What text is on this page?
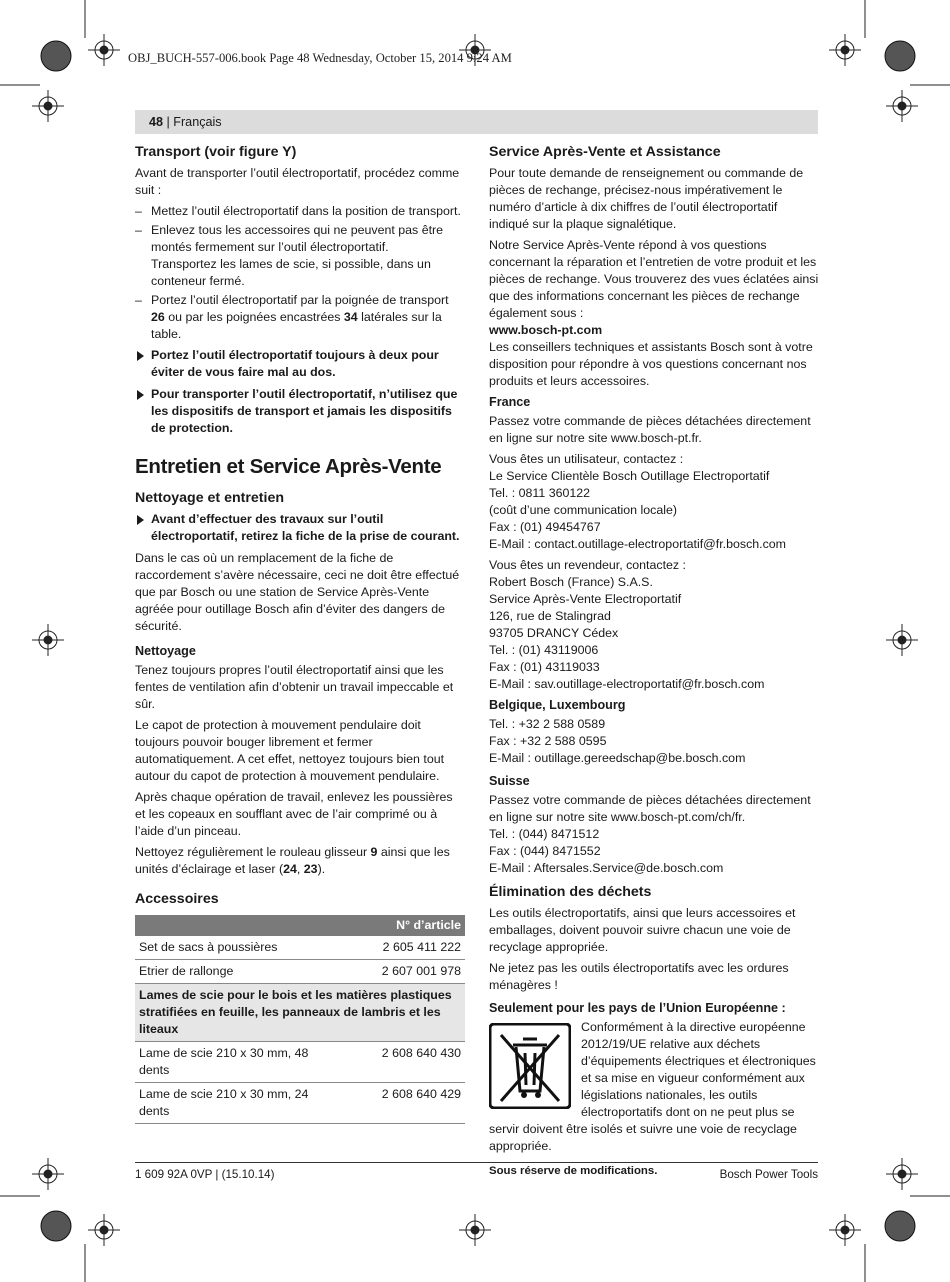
OBJ_BUCH-557-006.book Page 48 Wednesday, October 15, 2014 9:24 AM
48 | Français
Transport (voir figure Y)

Avant de transporter l’outil électroportatif, procédez comme suit :

– Mettez l’outil électroportatif dans la position de transport.
– Enlevez tous les accessoires qui ne peuvent pas être montés fermement sur l’outil électroportatif.
Transportez les lames de scie, si possible, dans un conteneur fermé.
– Portez l’outil électroportatif par la poignée de transport 26 ou par les poignées encastrées 34 latérales sur la table.
Portez l’outil électroportatif toujours à deux pour éviter de vous faire mal au dos.
Pour transporter l’outil électroportatif, n’utilisez que les dispositifs de transport et jamais les dispositifs de protection.
Entretien et Service Après-Vente
Nettoyage et entretien
Avant d’effectuer des travaux sur l’outil électroportatif, retirez la fiche de la prise de courant.

Dans le cas où un remplacement de la fiche de raccordement s’avère nécessaire, ceci ne doit être effectué que par Bosch ou une station de Service Après-Vente agréée pour outillage Bosch afin d’éviter des dangers de sécurité.

Nettoyage

Tenez toujours propres l’outil électroportatif ainsi que les fentes de ventilation afin d’obtenir un travail impeccable et sûr.

Le capot de protection à mouvement pendulaire doit toujours pouvoir bouger librement et fermer automatiquement. A cet effet, nettoyez toujours bien tout autour du capot de protection à mouvement pendulaire.

Après chaque opération de travail, enlevez les poussières et les copeaux en soufflant avec de l’air comprimé ou à l’aide d’un pinceau.

Nettoyez régulièrement le rouleau glisseur 9 ainsi que les unités d’éclairage et laser (24, 23).

Accessoires
N° d’article	
Set de sacs à poussières	2 605 411 222
Etrier de rallonge	2 607 001 978
Lames de scie pour le bois et les matières plastiques stratifiées en feuille, les panneaux de lambris et les liteaux	
Lame de scie 210 x 30 mm, 48 dents	2 608 640 430
Lame de scie 210 x 30 mm, 24 dents	2 608 640 429
Service Après-Vente et Assistance

Pour toute demande de renseignement ou commande de pièces de rechange, précisez-nous impérativement le numéro d’article à dix chiffres de l’outil électroportatif indiqué sur la plaque signalétique.

Notre Service Après-Vente répond à vos questions concernant la réparation et l’entretien de votre produit et les pièces de rechange. Vous trouverez des vues éclatées ainsi que des informations concernant les pièces de rechange également sous :

www.bosch-pt.com

Les conseillers techniques et assistants Bosch sont à votre disposition pour répondre à vos questions concernant nos produits et leurs accessoires.

France

Passez votre commande de pièces détachées directement en ligne sur notre site www.bosch-pt.fr.

Vous êtes un utilisateur, contactez :
Le Service Clientèle Bosch Outillage Electroportatif
Tel. : 0811 360122
(coût d’une communication locale)
Fax : (01) 49454767
E-Mail : contact.outillage-electroportatif@fr.bosch.com

Vous êtes un revendeur, contactez :
Robert Bosch (France) S.A.S.
Service Après-Vente Electroportatif
126, rue de Stalingrad
93705 DRANCY Cédex
Tel. : (01) 43119006
Fax : (01) 43119033
E-Mail : sav.outillage-electroportatif@fr.bosch.com

Belgique, Luxembourg

Tel. : +32 2 588 0589
Fax : +32 2 588 0595
E-Mail : outillage.gereedschap@be.bosch.com

Suisse

Passez votre commande de pièces détachées directement en ligne sur notre site www.bosch-pt.com/ch/fr.
Tel. : (044) 8471512
Fax : (044) 8471552
E-Mail : Aftersales.Service@de.bosch.com

Élimination des déchets

Les outils électroportatifs, ainsi que leurs accessoires et emballages, doivent pouvoir suivre chacun une voie de recyclage appropriée.

Ne jetez pas les outils électroportatifs avec les ordures ménagères !

Seulement pour les pays de l’Union Européenne :

Conformément à la directive européenne 2012/19/UE relative aux déchets d’équipements électriques et électroniques et sa mise en vigueur conformément aux législations nationales, les outils électroportatifs dont on ne peut plus se servir doivent être isolés et suivre une voie de recyclage appropriée.

Sous réserve de modifications.
1 609 92A 0VP | (15.10.14)	Bosch Power Tools
